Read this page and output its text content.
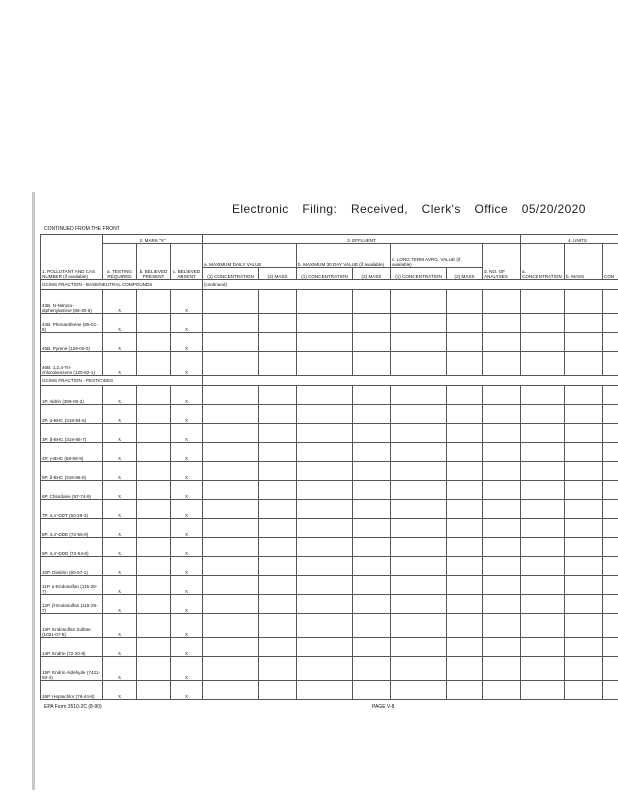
Electronic Filing: Received, Clerk's Office 05/20/2020
CONTINUED FROM THE FRONT
1. POLLUTANT AND CAS NUMBER (if available)	2. MARK "X"			3. EFFLUENT							4. UNITS		
	a. TESTING REQUIRED	b. BELIEVED PRESENT	c. BELIEVED ABSENT	a. MAXIMUM DAILY VALUE		b. MAXIMUM 30 DAY VALUE (if available)		c. LONG TERM AVRG. VALUE (if available)		d. NO. OF ANALYSES	a. CONCENTRATION	b. MASS	CON
				(1) CONCENTRATION	(2) MASS	(1) CONCENTRATION	(2) MASS	(1) CONCENTRATION	(2) MASS				
GC/MS FRACTION - BASE/NEUTRAL COMPOUNDS				(continued)									
43B. N-Nitroso-diphenylamine (86-30-6)	X		X										
44B. Phenanthrene (85-01-8)	X		X										
45B. Pyrene (129-00-0)	X		X										
46B. 1,2,4-Tri-chlorobenzene (120-82-1)	X		X										
GC/MS FRACTION - PESTICIDES													
1P. Aldrin (309-00-2)	X		X										
2P. α-BHC (319-84-6)	X		X										
3P. β-BHC (319-85-7)	X		X										
4P. γ-BHC (58-89-9)	X		X										
5P. δ-BHC (319-86-8)	X		X										
6P. Chlordane (57-74-9)	X		X										
7P. 4,4'-DDT (50-29-3)	X		X										
8P. 4,4'-DDE (72-55-9)	X		X										
9P. 4,4'-DDD (72-54-8)	X		X										
10P. Dieldrin (60-57-1)	X		X										
11P. α-Endosulfan (115-29-7)	X		X										
12P. β-Endosulfan (115-29-7)	X		X										
13P. Endosulfan Sulfate (1031-07-8)	X		X										
14P. Endrin (72-20-8)	X		X										
15P. Endrin Aldehyde (7421-93-4)	X		X										
16P. Heptachlor (76-44-8)	X		X										
EPA Form 3510-2C (8-90)	PAGE V-8
